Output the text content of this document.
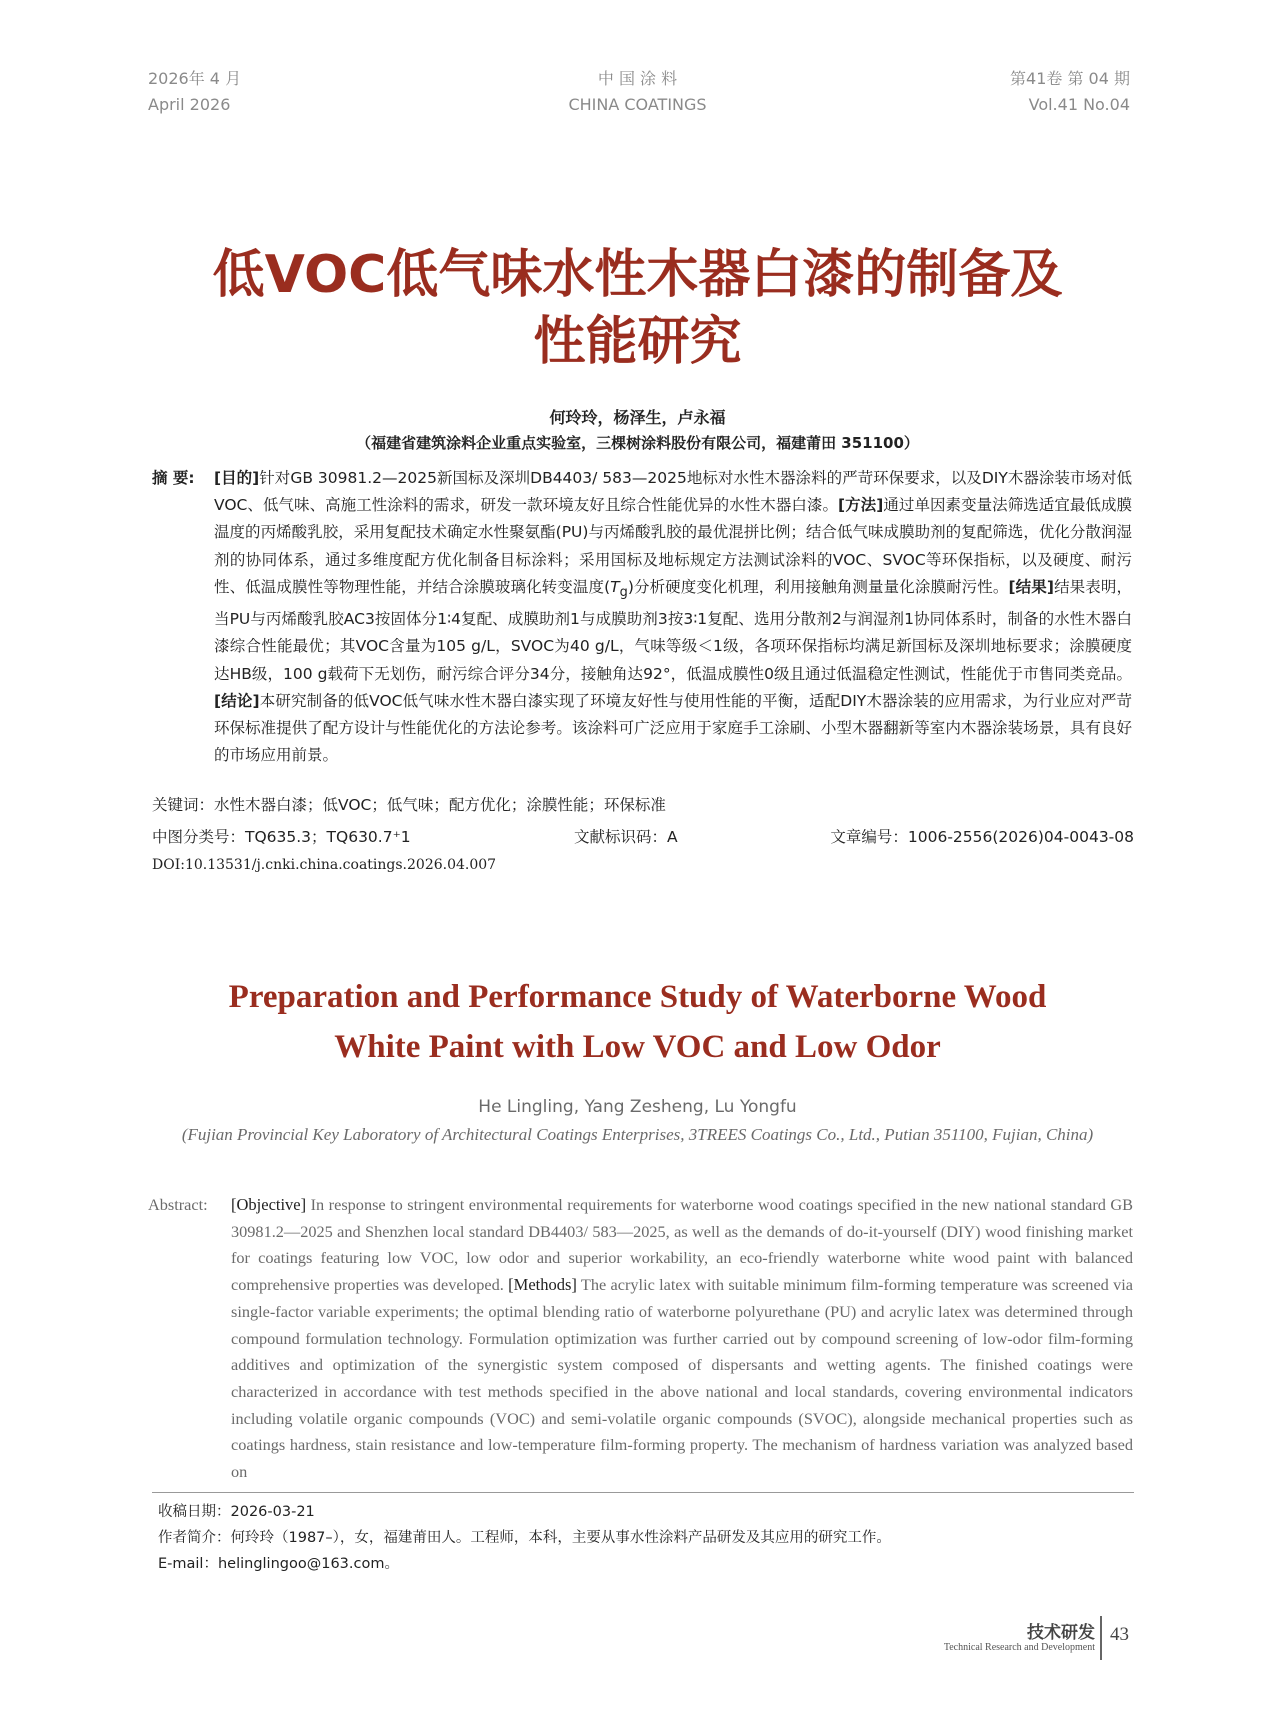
2026年 4 月
April 2026
中 国 涂 料
CHINA COATINGS
第41卷 第 04 期
Vol.41 No.04
低VOC低气味水性木器白漆的制备及
性能研究
何玲玲，杨泽生，卢永福
（福建省建筑涂料企业重点实验室，三棵树涂料股份有限公司，福建莆田 351100）
摘 要: [目的]针对GB 30981.2—2025新国标及深圳DB4403/ 583—2025地标对水性木器涂料的严苛环保要求，以及DIY木器涂装市场对低VOC、低气味、高施工性涂料的需求，研发一款环境友好且综合性能优异的水性木器白漆。[方法]通过单因素变量法筛选适宜最低成膜温度的丙烯酸乳胶，采用复配技术确定水性聚氨酯(PU)与丙烯酸乳胶的最优混拼比例；结合低气味成膜助剂的复配筛选，优化分散润湿剂的协同体系，通过多维度配方优化制备目标涂料；采用国标及地标规定方法测试涂料的VOC、SVOC等环保指标，以及硬度、耐污性、低温成膜性等物理性能，并结合涂膜玻璃化转变温度$(T_g)$分析硬度变化机理，利用接触角测量量化涂膜耐污性。[结果]结果表明，当PU与丙烯酸乳胶AC3按固体分1∶4复配、成膜助剂1与成膜助剂3按3∶1复配、选用分散剂2与润湿剂1协同体系时，制备的水性木器白漆综合性能最优；其VOC含量为105 g/L，SVOC为40 g/L，气味等级＜1级，各项环保指标均满足新国标及深圳地标要求；涂膜硬度达HB级，100 g载荷下无划伤，耐污综合评分34分，接触角达92°，低温成膜性0级且通过低温稳定性测试，性能优于市售同类竞品。[结论]本研究制备的低VOC低气味水性木器白漆实现了环境友好性与使用性能的平衡，适配DIY木器涂装的应用需求，为行业应对严苛环保标准提供了配方设计与性能优化的方法论参考。该涂料可广泛应用于家庭手工涂刷、小型木器翻新等室内木器涂装场景，具有良好的市场应用前景。
关键词：水性木器白漆；低VOC；低气味；配方优化；涂膜性能；环保标准
中图分类号：TQ635.3；TQ630.7⁺1	文献标识码：A	文章编号：1006-2556(2026)04-0043-08
DOI:10.13531/j.cnki.china.coatings.2026.04.007
Preparation and Performance Study of Waterborne Wood
White Paint with Low VOC and Low Odor
He Lingling, Yang Zesheng, Lu Yongfu
(Fujian Provincial Key Laboratory of Architectural Coatings Enterprises, 3TREES Coatings Co., Ltd., Putian 351100, Fujian, China)
Abstract: [Objective] In response to stringent environmental requirements for waterborne wood coatings specified in the new national standard GB 30981.2—2025 and Shenzhen local standard DB4403/ 583—2025, as well as the demands of do-it-yourself (DIY) wood finishing market for coatings featuring low VOC, low odor and superior workability, an eco-friendly waterborne white wood paint with balanced comprehensive properties was developed. [Methods] The acrylic latex with suitable minimum film-forming temperature was screened via single-factor variable experiments; the optimal blending ratio of waterborne polyurethane (PU) and acrylic latex was determined through compound formulation technology. Formulation optimization was further carried out by compound screening of low-odor film-forming additives and optimization of the synergistic system composed of dispersants and wetting agents. The finished coatings were characterized in accordance with test methods specified in the above national and local standards, covering environmental indicators including volatile organic compounds (VOC) and semi-volatile organic compounds (SVOC), alongside mechanical properties such as coatings hardness, stain resistance and low-temperature film-forming property. The mechanism of hardness variation was analyzed based on
收稿日期：2026-03-21
作者简介：何玲玲（1987–），女，福建莆田人。工程师，本科，主要从事水性涂料产品研发及其应用的研究工作。
E-mail：helinglingoo@163.com。
技术研发
Technical Research and Development
43
